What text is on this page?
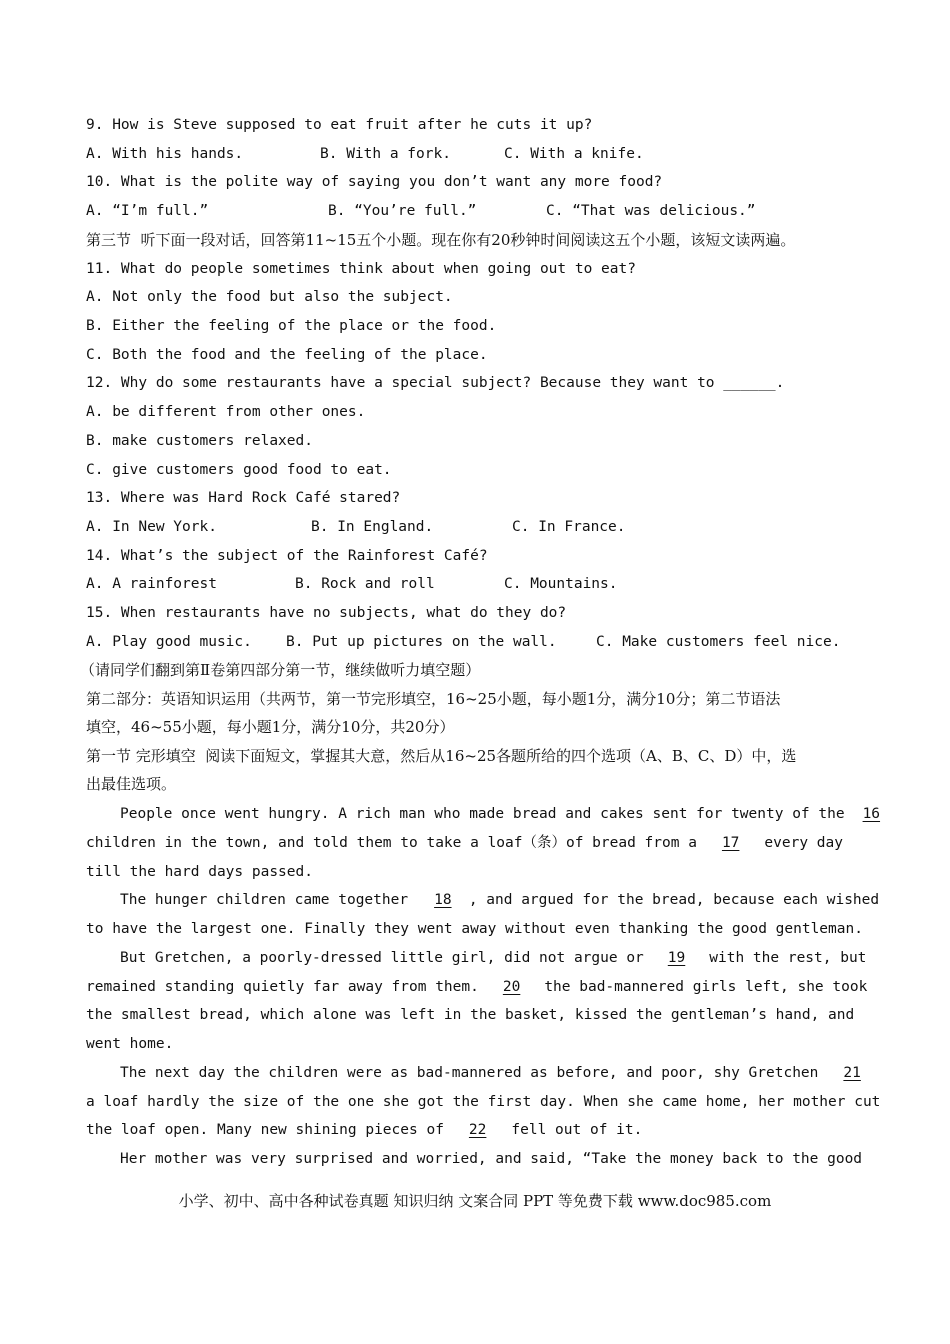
9. How is Steve supposed to eat fruit after he cuts it up?

A. With his hands.

	B. With a fork.

	C. With a knife.

10. What is the polite way of saying you don’t want any more food?

A. “I’m full.”

	B. “You’re full.”

	C. “That was delicious.”

第三节  听下面一段对话，回答第11~15五个小题。现在你有20秒钟时间阅读这五个小题，该短文读两遍。
11. What do people sometimes think about when going out to eat?
A. Not only the food but also the subject.
B. Either the feeling of the place or the food.
C. Both the food and the feeling of the place.
12. Why do some restaurants have a special subject? Because they want to ______.
A. be different from other ones.
B. make customers relaxed.
C. give customers good food to eat.
13. Where was Hard Rock Café stared?

A. In New York.

	B. In England.

	C. In France.

14. What’s the subject of the Rainforest Café?

A. A rainforest

	B. Rock and roll

	C. Mountains.

15. When restaurants have no subjects, what do they do?

A. Play good music.

B. Put up pictures on the wall.

	C. Make customers feel nice.

（请同学们翻到第Ⅱ卷第四部分第一节，继续做听力填空题）
第二部分：英语知识运用（共两节，第一节完形填空，16~25小题，每小题1分，满分10分；第二节语法
填空，46~55小题，每小题1分，满分10分，共20分）
第一节 完形填空  阅读下面短文，掌握其大意，然后从16~25各题所给的四个选项（A、B、C、D）中，选
出最佳选项。
People once went hungry. A rich man who made bread and cakes sent for twenty of the 16
children in the town, and told them to take a loaf（条）of bread from a 17 every day
till the hard days passed.
The hunger children came together 18 , and argued for the bread, because each wished
to have the largest one. Finally they went away without even thanking the good gentleman.
But Gretchen, a poorly-dressed little girl, did not argue or 19 with the rest, but
remained standing quietly far away from them. 20 the bad-mannered girls left, she took
the smallest bread, which alone was left in the basket, kissed the gentleman’s hand, and
went home.
The next day the children were as bad-mannered as before, and poor, shy Gretchen 21
a loaf hardly the size of the one she got the first day. When she came home, her mother cut
the loaf open. Many new shining pieces of 22 fell out of it.
Her mother was very surprised and worried, and said, “Take the money back to the good
小学、初中、高中各种试卷真题 知识归纳 文案合同 PPT 等免费下载 www.doc985.com
